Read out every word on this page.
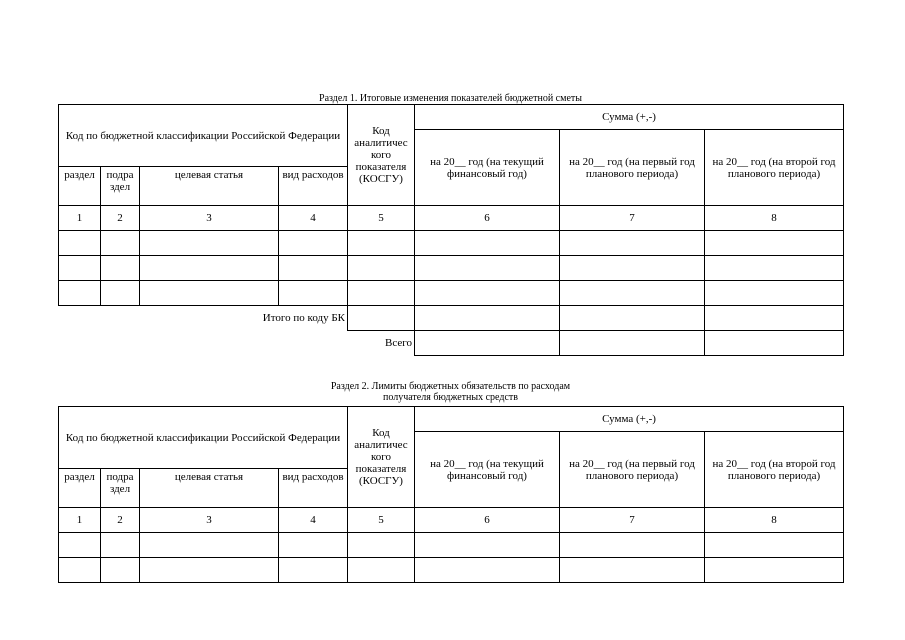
Раздел 1. Итоговые изменения показателей бюджетной сметы
Код по бюджетной классификации Российской Федерации				Код аналитичес кого показателя (КОСГУ)	Сумма (+,-)		
					на 20__ год (на текущий финансовый год)	на 20__ год (на первый год планового периода)	на 20__ год (на второй год планового периода)
раздел	подра здел	целевая статья	вид расходов				
1	2	3	4	5	6	7	8

Итого по коду БК							
Всего							
Раздел 2. Лимиты бюджетных обязательств по расходам
получателя бюджетных средств
Код по бюджетной классификации Российской Федерации				Код аналитичес кого показателя (КОСГУ)	Сумма (+,-)		
					на 20__ год (на текущий финансовый год)	на 20__ год (на первый год планового периода)	на 20__ год (на второй год планового периода)
раздел	подра здел	целевая статья	вид расходов				
1	2	3	4	5	6	7	8
